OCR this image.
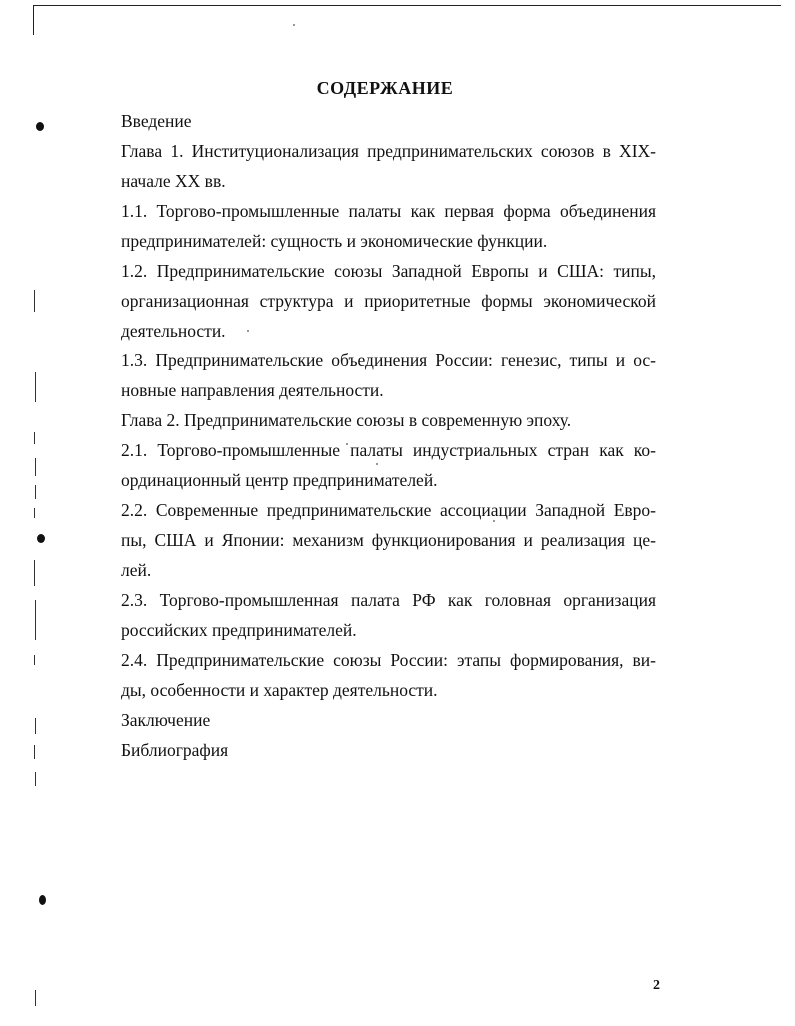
СОДЕРЖАНИЕ
Введение
Глава 1. Институционализация предпринимательских союзов в XIX-
начале XX вв.
1.1. Торгово-промышленные палаты как первая форма объединения
предпринимателей: сущность и экономические функции.
1.2. Предпринимательские союзы Западной Европы и США: типы,
организационная структура и приоритетные формы экономической
деятельности.
1.3. Предпринимательские объединения России: генезис, типы и ос-
новные направления деятельности.
Глава 2. Предпринимательские союзы в современную эпоху.
2.1. Торгово-промышленные палаты индустриальных стран как ко-
ординационный центр предпринимателей.
2.2. Современные предпринимательские ассоциации Западной Евро-
пы, США и Японии: механизм функционирования и реализация це-
лей.
2.3. Торгово-промышленная палата РФ как головная организация
российских предпринимателей.
2.4. Предпринимательские союзы России: этапы формирования, ви-
ды, особенности и характер деятельности.
Заключение
Библиография
2
